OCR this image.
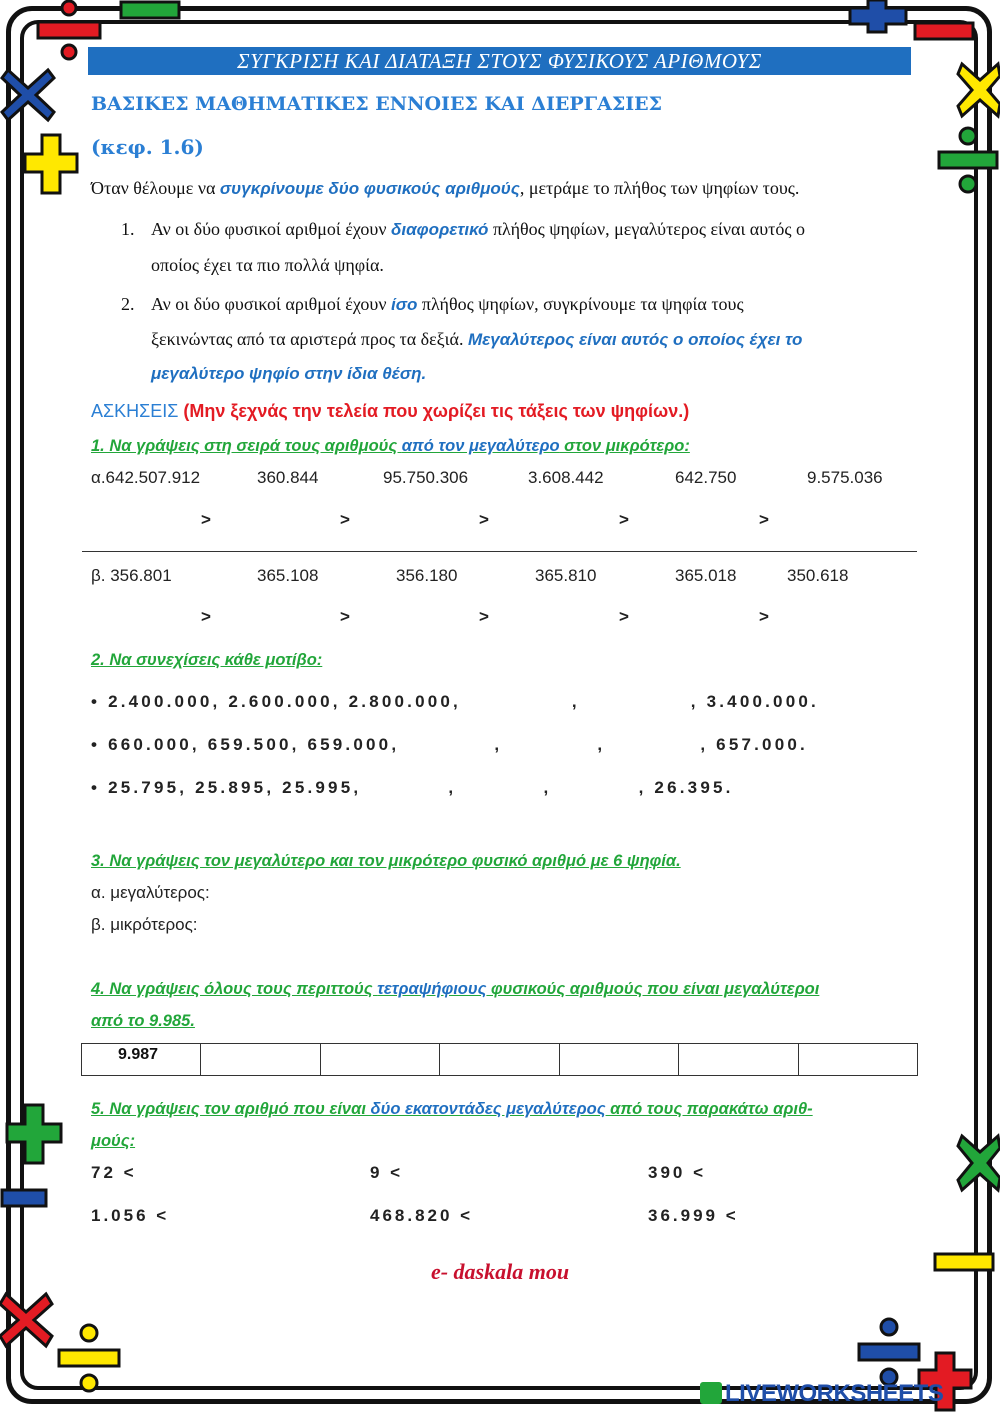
ΣΥΓΚΡΙΣΗ ΚΑΙ ΔΙΑΤΑΞΗ ΣΤΟΥΣ ΦΥΣΙΚΟΥΣ ΑΡΙΘΜΟΥΣ
ΒΑΣΙΚΕΣ ΜΑΘΗΜΑΤΙΚΕΣ ΕΝΝΟΙΕΣ ΚΑΙ ΔΙΕΡΓΑΣΙΕΣ
(κεφ. 1.6)
Όταν θέλουμε να συγκρίνουμε δύο φυσικούς αριθμούς, μετράμε το πλήθος των ψηφίων τους.
1. Αν οι δύο φυσικοί αριθμοί έχουν διαφορετικό πλήθος ψηφίων, μεγαλύτερος είναι αυτός ο
οποίος έχει τα πιο πολλά ψηφία.
2. Αν οι δύο φυσικοί αριθμοί έχουν ίσο πλήθος ψηφίων, συγκρίνουμε τα ψηφία τους
ξεκινώντας από τα αριστερά προς τα δεξιά. Μεγαλύτερος είναι αυτός ο οποίος έχει το
μεγαλύτερο ψηφίο στην ίδια θέση.
ΑΣΚΗΣΕΙΣ (Μην ξεχνάς την τελεία που χωρίζει τις τάξεις των ψηφίων.)
1. Να γράψεις στη σειρά τους αριθμούς από τον μεγαλύτερο στον μικρότερο:
α.642.507.912	360.844	95.750.306	3.608.442	642.750	9.575.036
>	>	>	>	>
β. 356.801	365.108	356.180	365.810	365.018	350.618
>	>	>	>	>
2. Να συνεχίσεις κάθε μοτίβο:
• 2.400.000, 2.600.000, 2.800.000,              ,              , 3.400.000.
• 660.000, 659.500, 659.000,            ,            ,            , 657.000.
• 25.795, 25.895, 25.995,           ,           ,           , 26.395.
3. Να γράψεις τον μεγαλύτερο και τον μικρότερο φυσικό αριθμό με 6 ψηφία.
α. μεγαλύτερος:
β. μικρότερος:
4. Να γράψεις όλους τους περιττούς τετραψήφιους φυσικούς αριθμούς που είναι μεγαλύτεροι
από το 9.985.
9.987
5. Να γράψεις τον αριθμό που είναι δύο εκατοντάδες μεγαλύτερος από τους παρακάτω αριθ-
μούς:
72 <	9 <	390 <
1.056 <	468.820 <	36.999 <
e- daskala mou
LIVEWORKSHEETS
